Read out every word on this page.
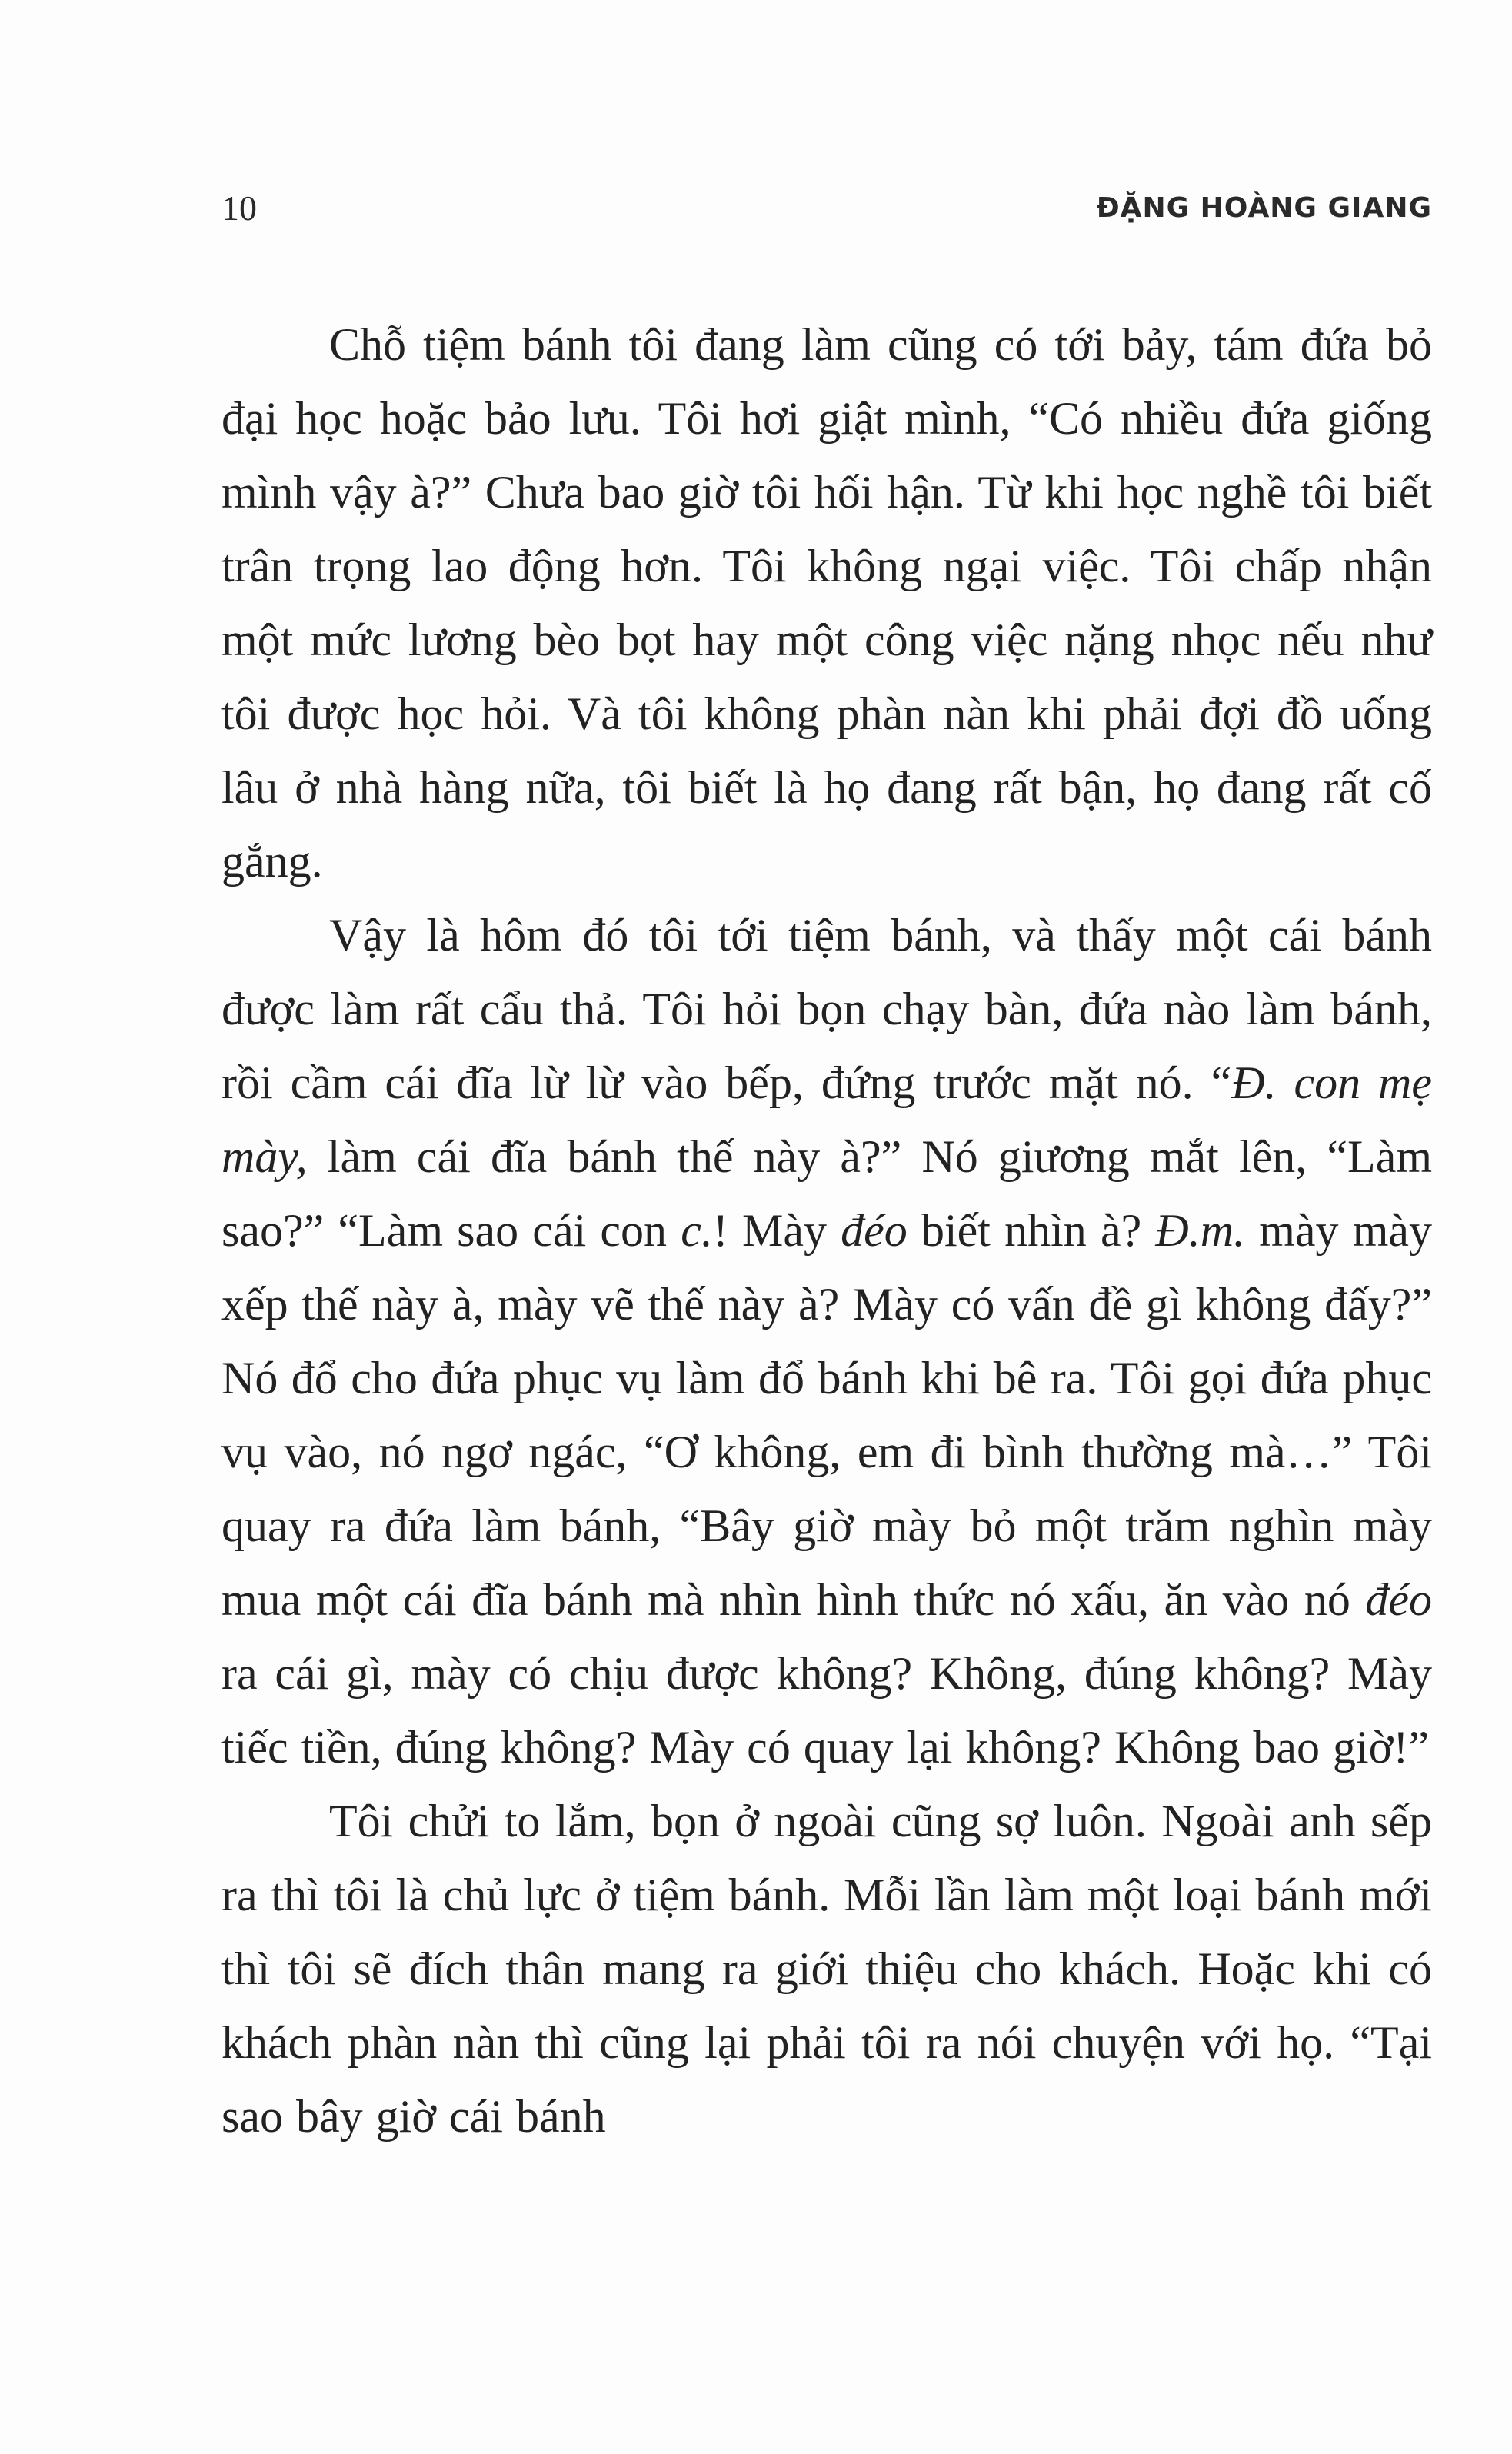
10	ĐẶNG HOÀNG GIANG

Chỗ tiệm bánh tôi đang làm cũng có tới bảy, tám đứa bỏ đại học hoặc bảo lưu. Tôi hơi giật mình, “Có nhiều đứa giống mình vậy à?” Chưa bao giờ tôi hối hận. Từ khi học nghề tôi biết trân trọng lao động hơn. Tôi không ngại việc. Tôi chấp nhận một mức lương bèo bọt hay một công việc nặng nhọc nếu như tôi được học hỏi. Và tôi không phàn nàn khi phải đợi đồ uống lâu ở nhà hàng nữa, tôi biết là họ đang rất bận, họ đang rất cố gắng.

Vậy là hôm đó tôi tới tiệm bánh, và thấy một cái bánh được làm rất cẩu thả. Tôi hỏi bọn chạy bàn, đứa nào làm bánh, rồi cầm cái đĩa lừ lừ vào bếp, đứng trước mặt nó. “Đ. con mẹ mày, làm cái đĩa bánh thế này à?” Nó giương mắt lên, “Làm sao?” “Làm sao cái con c.! Mày đéo biết nhìn à? Đ.m. mày mày xếp thế này à, mày vẽ thế này à? Mày có vấn đề gì không đấy?” Nó đổ cho đứa phục vụ làm đổ bánh khi bê ra. Tôi gọi đứa phục vụ vào, nó ngơ ngác, “Ơ không, em đi bình thường mà…” Tôi quay ra đứa làm bánh, “Bây giờ mày bỏ một trăm nghìn mày mua một cái đĩa bánh mà nhìn hình thức nó xấu, ăn vào nó đéo ra cái gì, mày có chịu được không? Không, đúng không? Mày tiếc tiền, đúng không? Mày có quay lại không? Không bao giờ!”

Tôi chửi to lắm, bọn ở ngoài cũng sợ luôn. Ngoài anh sếp ra thì tôi là chủ lực ở tiệm bánh. Mỗi lần làm một loại bánh mới thì tôi sẽ đích thân mang ra giới thiệu cho khách. Hoặc khi có khách phàn nàn thì cũng lại phải tôi ra nói chuyện với họ. “Tại sao bây giờ cái bánh
